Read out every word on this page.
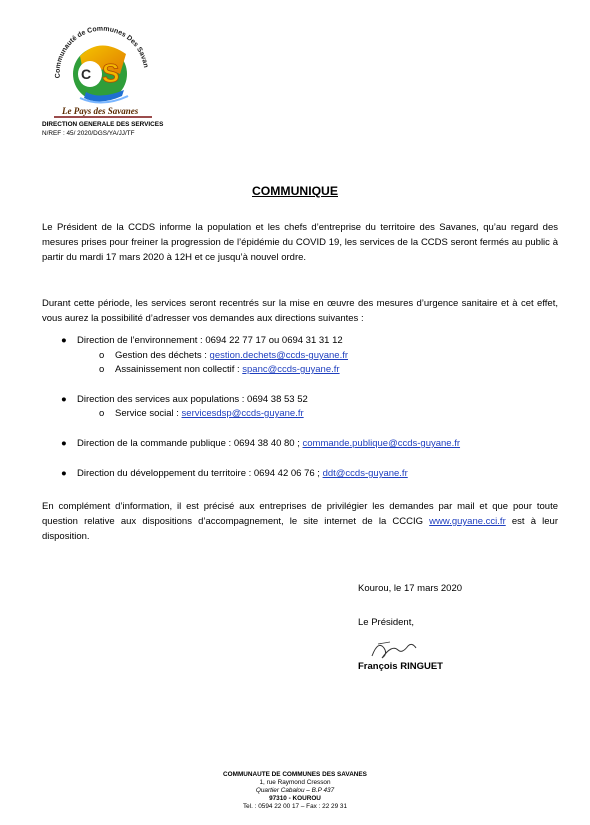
Communauté de Communes Des Savan
C S
Le Pays des Savanes
DIRECTION GENERALE DES SERVICES
N/REF : 45/ 2020/DGS/YA/JJ/TF
COMMUNIQUE
Le Président de la CCDS informe la population et les chefs d’entreprise du territoire des Savanes, qu’au regard des mesures prises pour freiner la progression de l’épidémie du COVID 19, les services de la CCDS seront fermés au public à partir du mardi 17 mars 2020 à 12H et ce jusqu’à nouvel ordre.
Durant cette période, les services seront recentrés sur la mise en œuvre des mesures d’urgence sanitaire et à cet effet, vous aurez la possibilité d’adresser vos demandes aux directions suivantes :
● Direction de l’environnement : 0694 22 77 17 ou 0694 31 31 12
o Gestion des déchets : gestion.dechets@ccds-guyane.fr
o Assainissement non collectif : spanc@ccds-guyane.fr
● Direction des services aux populations : 0694 38 53 52
o Service social : servicesdsp@ccds-guyane.fr
● Direction de la commande publique : 0694 38 40 80 ; commande.publique@ccds-guyane.fr
● Direction du développement du territoire : 0694 42 06 76 ; ddt@ccds-guyane.fr
En complément d’information, il est précisé aux entreprises de privilégier les demandes par mail et que pour toute question relative aux dispositions d’accompagnement, le site internet de la CCCIG www.guyane.cci.fr est à leur disposition.
Kourou, le 17 mars 2020
Le Président,
François RINGUET
COMMUNAUTE DE COMMUNES DES SAVANES
1, rue Raymond Cresson
Quartier Cabalou – B.P 437
97310 - KOUROU
Tel. : 0594 22 00 17 – Fax : 22 29 31
